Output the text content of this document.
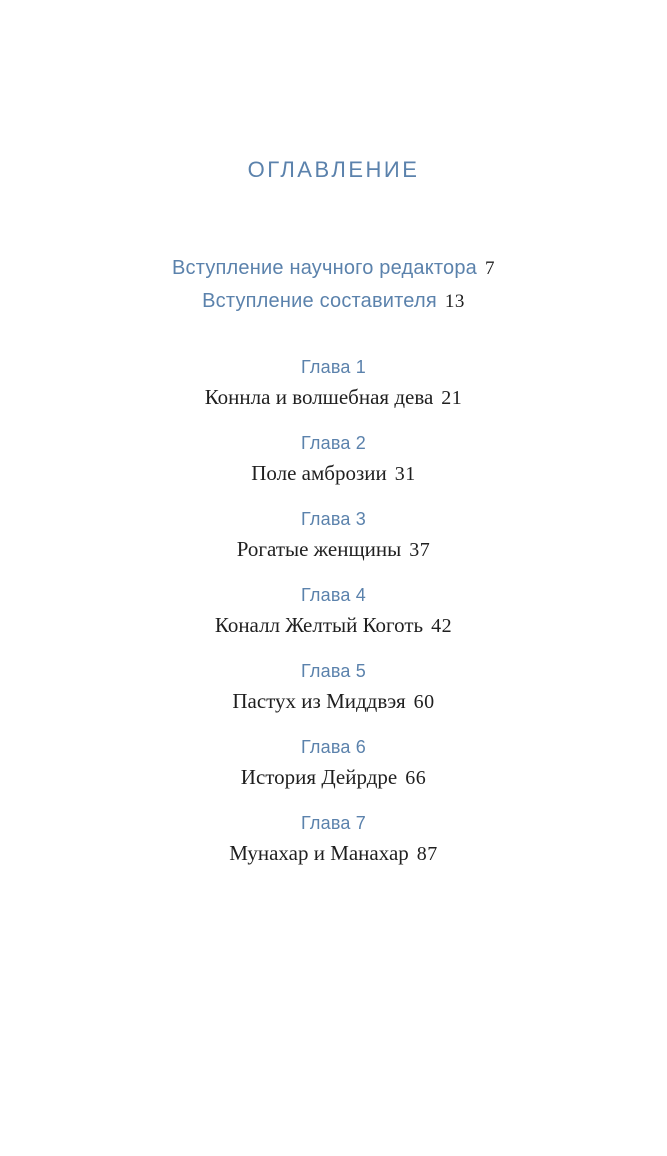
ОГЛАВЛЕНИЕ
Вступление научного редактора 7
Вступление составителя 13
Глава 1
Коннла и волшебная дева 21
Глава 2
Поле амброзии 31
Глава 3
Рогатые женщины 37
Глава 4
Коналл Желтый Коготь 42
Глава 5
Пастух из Миддвэя 60
Глава 6
История Дейрдре 66
Глава 7
Мунахар и Манахар 87
